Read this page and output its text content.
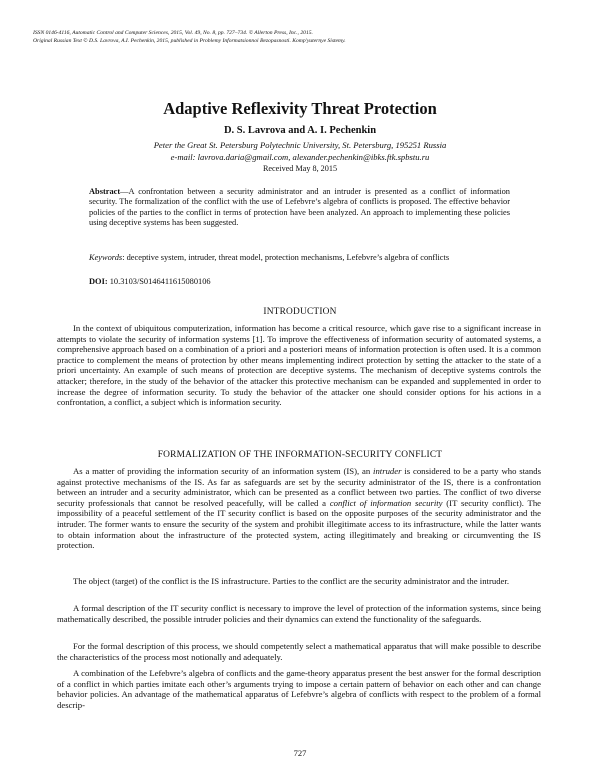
ISSN 0146-4116, Automatic Control and Computer Sciences, 2015, Vol. 49, No. 8, pp. 727–734. © Allerton Press, Inc., 2015.
Original Russian Text © D.S. Lavrova, A.I. Pechenkin, 2015, published in Problemy Informatsionnoi Bezopasnosti. Komp'yuternye Sistemy.
Adaptive Reflexivity Threat Protection
D. S. Lavrova and A. I. Pechenkin
Peter the Great St. Petersburg Polytechnic University, St. Petersburg, 195251 Russia
e-mail: lavrova.daria@gmail.com, alexander.pechenkin@ibks.ftk.spbstu.ru
Received May 8, 2015
Abstract—A confrontation between a security administrator and an intruder is presented as a conflict of information security. The formalization of the conflict with the use of Lefebvre’s algebra of conflicts is proposed. The effective behavior policies of the parties to the conflict in terms of protection have been analyzed. An approach to implementing these policies using deceptive systems has been suggested.
Keywords: deceptive system, intruder, threat model, protection mechanisms, Lefebvre’s algebra of conflicts
DOI: 10.3103/S0146411615080106
INTRODUCTION
In the context of ubiquitous computerization, information has become a critical resource, which gave rise to a significant increase in attempts to violate the security of information systems [1]. To improve the effectiveness of information security of automated systems, a comprehensive approach based on a combination of a priori and a posteriori means of information protection is often used. It is a common practice to complement the means of protection by other means implementing indirect protection by setting the attacker to the state of a priori uncertainty. An example of such means of protection are deceptive systems. The mechanism of deceptive systems controls the attacker; therefore, in the study of the behavior of the attacker this protective mechanism can be expanded and supplemented in order to increase the degree of information security. To study the behavior of the attacker one should consider options for his actions in a confrontation, a conflict, a subject which is information security.
FORMALIZATION OF THE INFORMATION-SECURITY CONFLICT
As a matter of providing the information security of an information system (IS), an intruder is considered to be a party who stands against protective mechanisms of the IS. As far as safeguards are set by the security administrator of the IS, there is a confrontation between an intruder and a security administrator, which can be presented as a conflict between two parties. The conflict of two diverse security professionals that cannot be resolved peacefully, will be called a conflict of information security (IT security conflict). The impossibility of a peaceful settlement of the IT security conflict is based on the opposite purposes of the security administrator and the intruder. The former wants to ensure the security of the system and prohibit illegitimate access to its infrastructure, while the latter wants to obtain information about the infrastructure of the protected system, acting illegitimately and breaking or circumventing the IS protection.
The object (target) of the conflict is the IS infrastructure. Parties to the conflict are the security administrator and the intruder.
A formal description of the IT security conflict is necessary to improve the level of protection of the information systems, since being mathematically described, the possible intruder policies and their dynamics can extend the functionality of the safeguards.
For the formal description of this process, we should competently select a mathematical apparatus that will make possible to describe the characteristics of the process most notionally and adequately.
A combination of the Lefebvre’s algebra of conflicts and the game-theory apparatus present the best answer for the formal description of a conflict in which parties imitate each other’s arguments trying to impose a certain pattern of behavior on each other and can change behavior policies. An advantage of the mathematical apparatus of Lefebvre’s algebra of conflicts with respect to the problem of a formal descrip-
727
